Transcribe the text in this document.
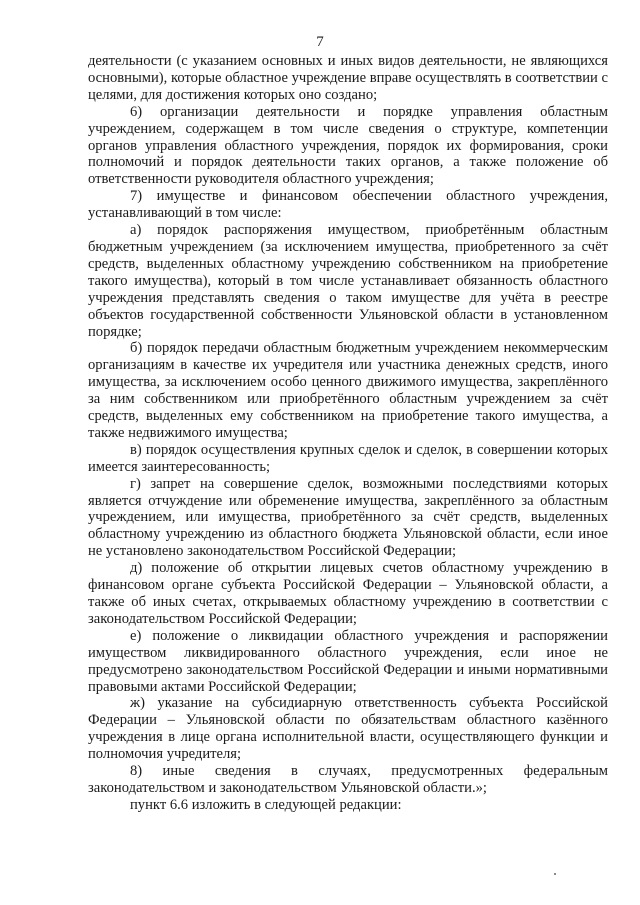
7

деятельности (с указанием основных и иных видов деятельности, не являющихся основными), которые областное учреждение вправе осуществлять в соответствии с целями, для достижения которых оно создано;

6) организации деятельности и порядке управления областным учреждением, содержащем в том числе сведения о структуре, компетенции органов управления областного учреждения, порядок их формирования, сроки полномочий и порядок деятельности таких органов, а также положение об ответственности руководителя областного учреждения;

7) имуществе и финансовом обеспечении областного учреждения, устанавливающий в том числе:

а) порядок распоряжения имуществом, приобретённым областным бюджетным учреждением (за исключением имущества, приобретенного за счёт средств, выделенных областному учреждению собственником на приобретение такого имущества), который в том числе устанавливает обязанность областного учреждения представлять сведения о таком имуществе для учёта в реестре объектов государственной собственности Ульяновской области в установленном порядке;

б) порядок передачи областным бюджетным учреждением некоммерческим организациям в качестве их учредителя или участника денежных средств, иного имущества, за исключением особо ценного движимого имущества, закреплённого за ним собственником или приобретённого областным учреждением за счёт средств, выделенных ему собственником на приобретение такого имущества, а также недвижимого имущества;

в) порядок осуществления крупных сделок и сделок, в совершении которых имеется заинтересованность;

г) запрет на совершение сделок, возможными последствиями которых является отчуждение или обременение имущества, закреплённого за областным учреждением, или имущества, приобретённого за счёт средств, выделенных областному учреждению из областного бюджета Ульяновской области, если иное не установлено законодательством Российской Федерации;

д) положение об открытии лицевых счетов областному учреждению в финансовом органе субъекта Российской Федерации – Ульяновской области, а также об иных счетах, открываемых областному учреждению в соответствии с законодательством Российской Федерации;

е) положение о ликвидации областного учреждения и распоряжении имуществом ликвидированного областного учреждения, если иное не предусмотрено законодательством Российской Федерации и иными нормативными правовыми актами Российской Федерации;

ж) указание на субсидиарную ответственность субъекта Российской Федерации – Ульяновской области по обязательствам областного казённого учреждения в лице органа исполнительной власти, осуществляющего функции и полномочия учредителя;

8) иные сведения в случаях, предусмотренных федеральным законодательством и законодательством Ульяновской области.»;

пункт 6.6 изложить в следующей редакции:
